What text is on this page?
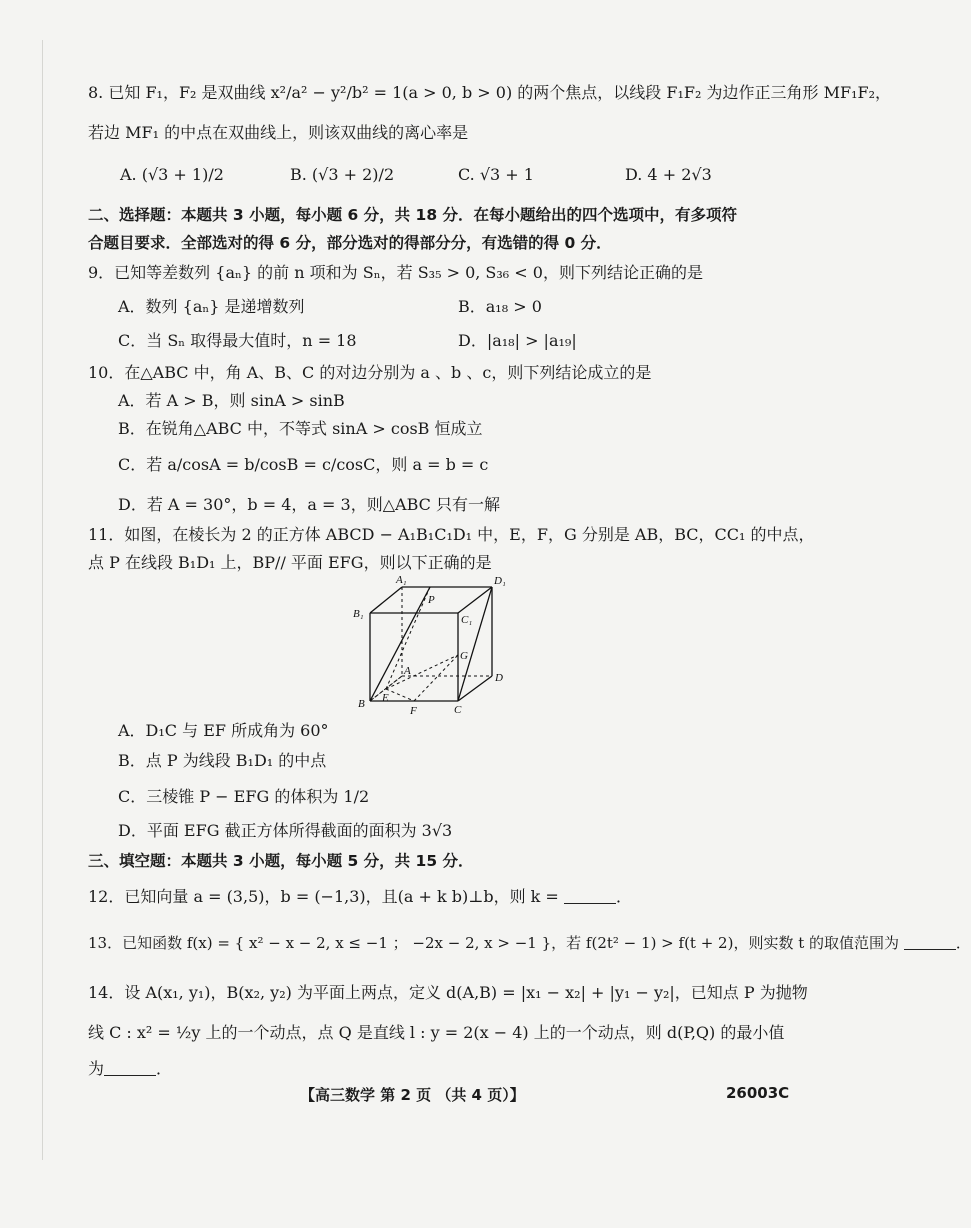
8. 已知 F₁，F₂ 是双曲线 x²/a² − y²/b² = 1(a > 0, b > 0) 的两个焦点，以线段 F₁F₂ 为边作正三角形 MF₁F₂，
若边 MF₁ 的中点在双曲线上，则该双曲线的离心率是
A. (√3 + 1)/2	B. (√3 + 2)/2	C. √3 + 1	D. 4 + 2√3
二、选择题：本题共 3 小题，每小题 6 分，共 18 分．在每小题给出的四个选项中，有多项符
合题目要求．全部选对的得 6 分，部分选对的得部分分，有选错的得 0 分．
9．已知等差数列 {aₙ} 的前 n 项和为 Sₙ，若 S₃₅ > 0, S₃₆ < 0，则下列结论正确的是
A．数列 {aₙ} 是递增数列	B．a₁₈ > 0
C．当 Sₙ 取得最大值时，n = 18	D．|a₁₈| > |a₁₉|
10．在△ABC 中，角 A、B、C 的对边分别为 a 、b 、c，则下列结论成立的是
A．若 A > B，则 sinA > sinB
B．在锐角△ABC 中，不等式 sinA > cosB 恒成立
C．若 a/cosA = b/cosB = c/cosC，则 a = b = c
D．若 A = 30°，b = 4，a = 3，则△ABC 只有一解
11．如图，在棱长为 2 的正方体 ABCD − A₁B₁C₁D₁ 中，E，F，G 分别是 AB，BC，CC₁ 的中点，
点 P 在线段 B₁D₁ 上，BP// 平面 EFG，则以下正确的是
A₁	D₁
B₁	C₁
P
G
A
D
B E
F	C
A．D₁C 与 EF 所成角为 60°
B．点 P 为线段 B₁D₁ 的中点
C．三棱锥 P − EFG 的体积为 1/2
D．平面 EFG 截正方体所得截面的面积为 3√3
三、填空题：本题共 3 小题，每小题 5 分，共 15 分．
12．已知向量 a = (3,5)，b = (−1,3)，且(a + k b)⊥b，则 k =	．
13．已知函数 f(x) = { x² − x − 2, x ≤ −1 ； −2x − 2, x > −1 }，若 f(2t² − 1) > f(t + 2)，则实数 t 的取值范围为	．
14．设 A(x₁, y₁)，B(x₂, y₂) 为平面上两点，定义 d(A,B) = |x₁ − x₂| + |y₁ − y₂|，已知点 P 为抛物
线 C : x² = ½y 上的一个动点，点 Q 是直线 l : y = 2(x − 4) 上的一个动点，则 d(P,Q) 的最小值
为	．
【高三数学 第 2 页 （共 4 页）】	26003C
